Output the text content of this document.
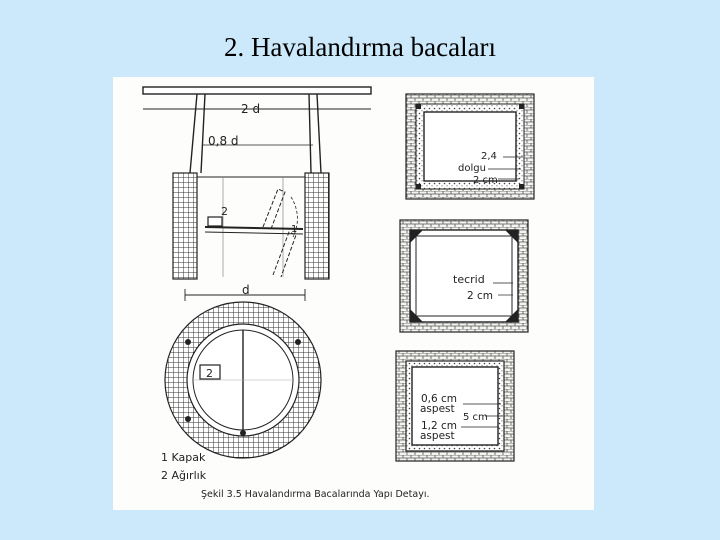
2. Havalandırma bacaları
2 d
0,8 d
2
1
d
2
1 Kapak
2 Ağırlık
Şekil 3.5 Havalandırma Bacalarında Yapı Detayı.
2,4
dolgu
2 cm
tecrid
2 cm
0,6 cm
aspest
5 cm
1,2 cm
aspest
